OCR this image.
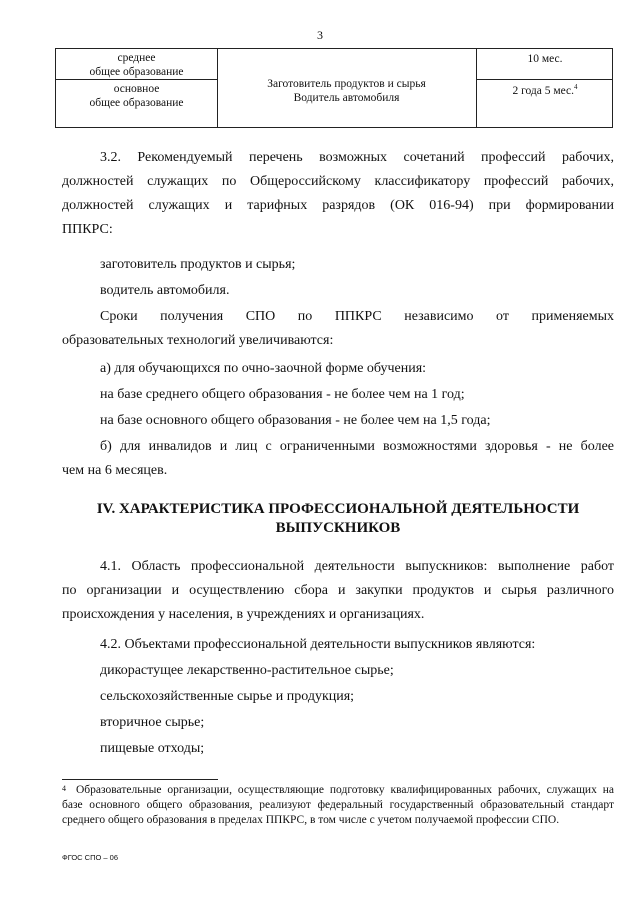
3
среднее
общее образование
основное
общее образование
Заготовитель продуктов и сырья
Водитель автомобиля
10 мес.
2 года 5 мес.$^4$
3.2. Рекомендуемый перечень возможных сочетаний профессий рабочих,
должностей служащих по Общероссийскому классификатору профессий рабочих,
должностей служащих и тарифных разрядов (ОК 016-94) при формировании
ППКРС:
заготовитель продуктов и сырья;
водитель автомобиля.
Сроки получения СПО по ППКРС независимо от применяемых
образовательных технологий увеличиваются:
а) для обучающихся по очно-заочной форме обучения:
на базе среднего общего образования - не более чем на 1 год;
на базе основного общего образования - не более чем на 1,5 года;
б) для инвалидов и лиц с ограниченными возможностями здоровья - не более
чем на 6 месяцев.
IV. ХАРАКТЕРИСТИКА ПРОФЕССИОНАЛЬНОЙ ДЕЯТЕЛЬНОСТИ
ВЫПУСКНИКОВ
4.1. Область профессиональной деятельности выпускников: выполнение работ
по организации и осуществлению сбора и закупки продуктов и сырья различного
происхождения у населения, в учреждениях и организациях.
4.2. Объектами профессиональной деятельности выпускников являются:
дикорастущее лекарственно-растительное сырье;
сельскохозяйственные сырье и продукция;
вторичное сырье;
пищевые отходы;
4 Образовательные организации, осуществляющие подготовку квалифицированных рабочих, служащих на базе основного общего образования, реализуют федеральный государственный образовательный стандарт среднего общего образования в пределах ППКРС, в том числе с учетом получаемой профессии СПО.
ФГОС СПО – 06
